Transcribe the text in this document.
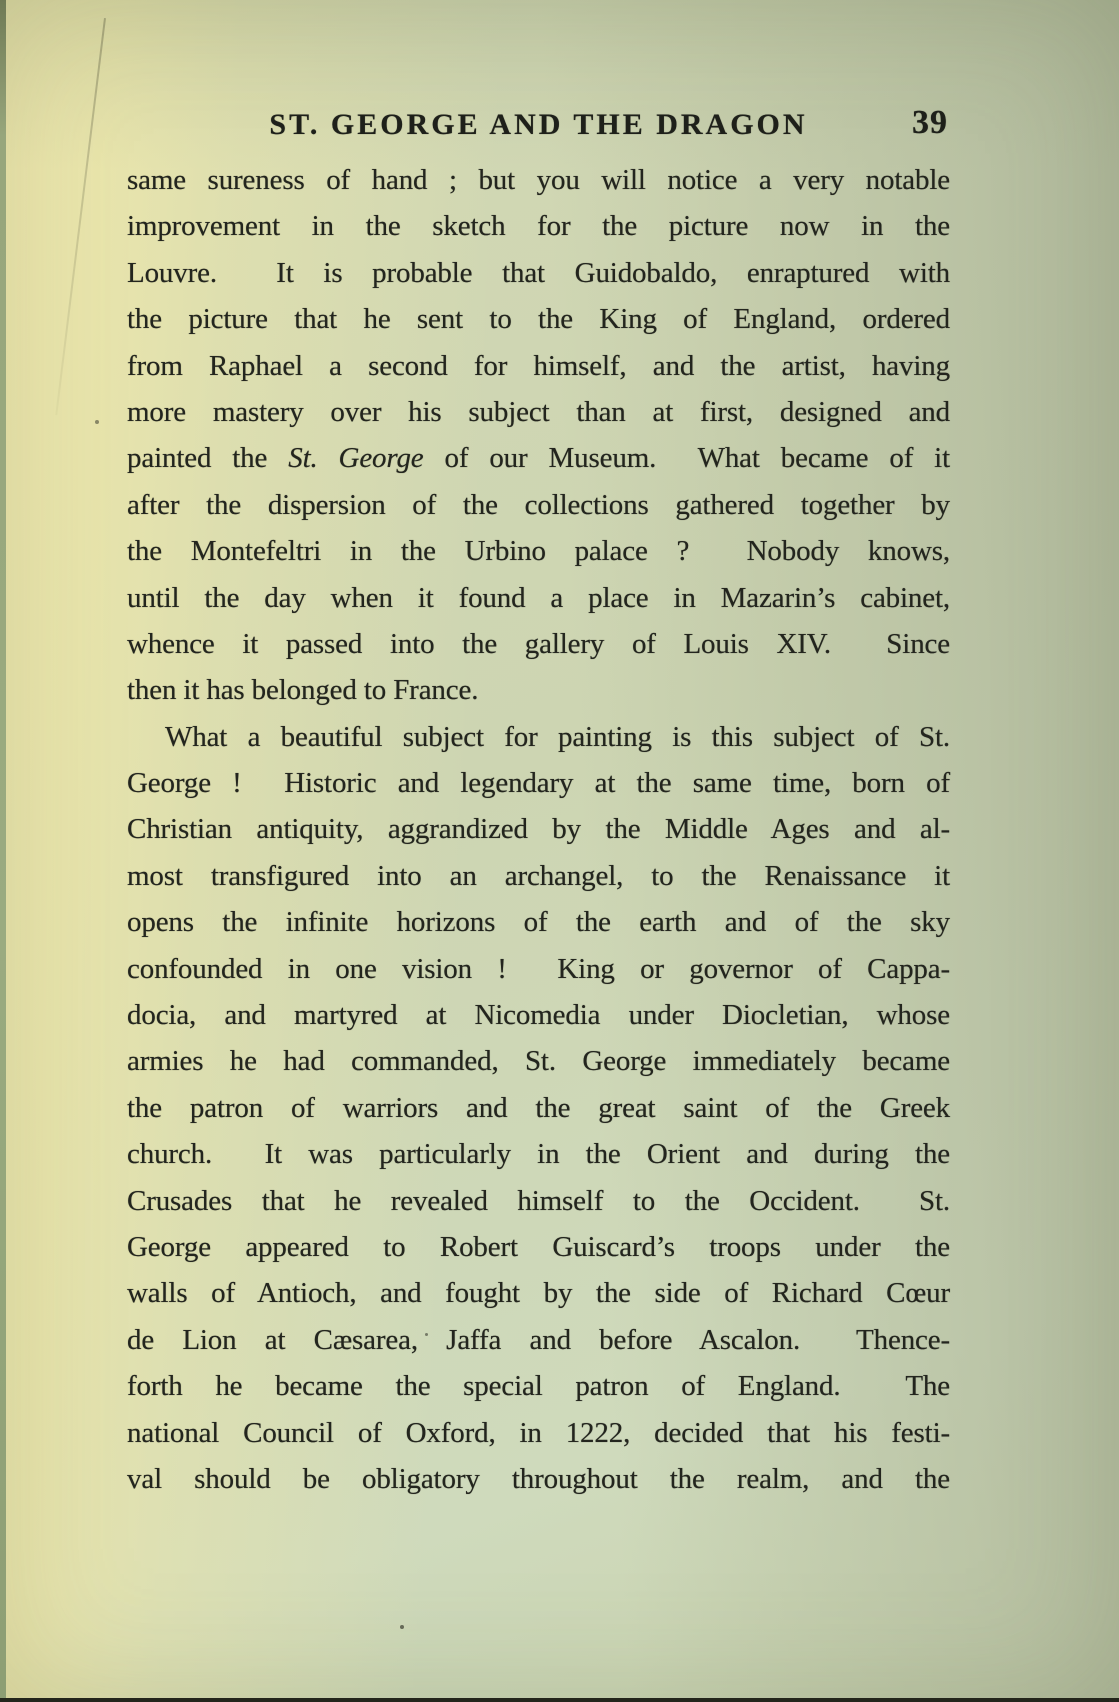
ST. GEORGE AND THE DRAGON	39
same sureness of hand ; but you will notice a very notable
improvement in the sketch for the picture now in the
Louvre.  It is probable that Guidobaldo, enraptured with
the picture that he sent to the King of England, ordered
from Raphael a second for himself, and the artist, having
more mastery over his subject than at first, designed and
painted the St. George of our Museum.  What became of it
after the dispersion of the collections gathered together by
the Montefeltri in the Urbino palace ?  Nobody knows,
until the day when it found a place in Mazarin’s cabinet,
whence it passed into the gallery of Louis XIV.  Since
then it has belonged to France.
What a beautiful subject for painting is this subject of St.
George !  Historic and legendary at the same time, born of
Christian antiquity, aggrandized by the Middle Ages and al-
most transfigured into an archangel, to the Renaissance it
opens the infinite horizons of the earth and of the sky
confounded in one vision !  King or governor of Cappa-
docia, and martyred at Nicomedia under Diocletian, whose
armies he had commanded, St. George immediately became
the patron of warriors and the great saint of the Greek
church.  It was particularly in the Orient and during the
Crusades that he revealed himself to the Occident.  St.
George appeared to Robert Guiscard’s troops under the
walls of Antioch, and fought by the side of Richard Cœur
de Lion at Cæsarea, Jaffa and before Ascalon.  Thence-
forth he became the special patron of England.  The
national Council of Oxford, in 1222, decided that his festi-
val should be obligatory throughout the realm, and the
